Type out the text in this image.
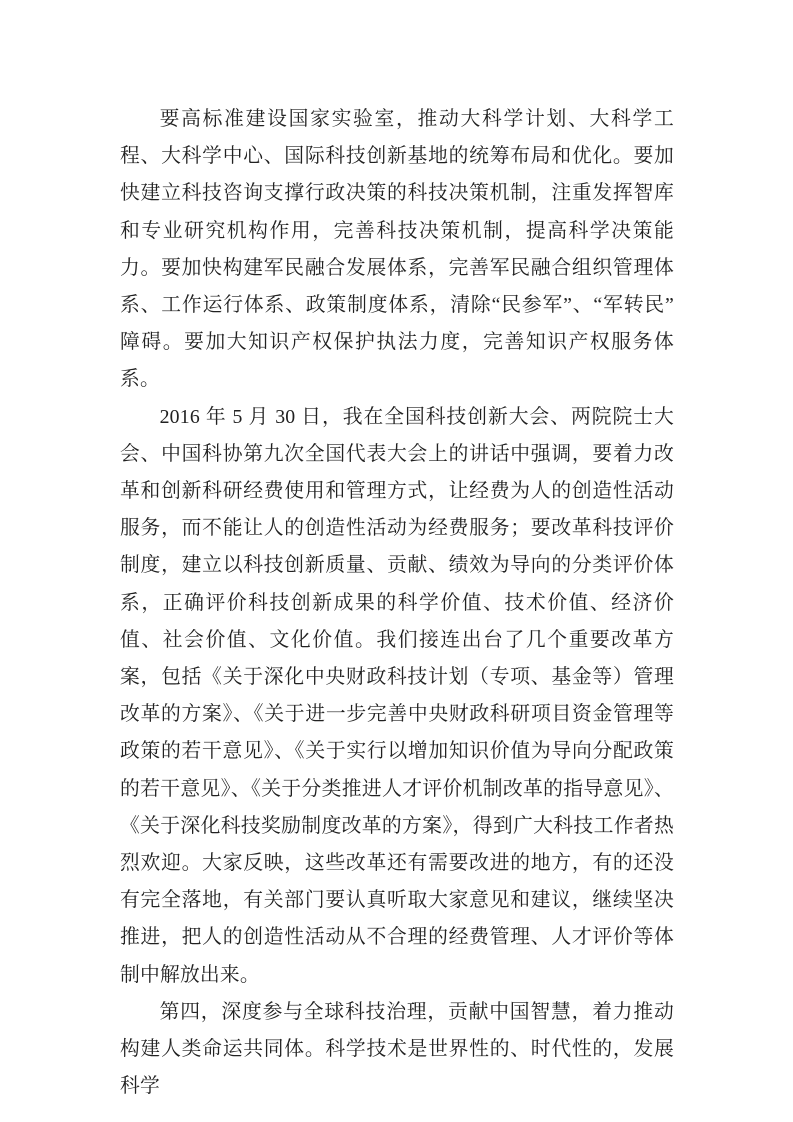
要高标准建设国家实验室，推动大科学计划、大科学工程、大科学中心、国际科技创新基地的统筹布局和优化。要加快建立科技咨询支撑行政决策的科技决策机制，注重发挥智库和专业研究机构作用，完善科技决策机制，提高科学决策能力。要加快构建军民融合发展体系，完善军民融合组织管理体系、工作运行体系、政策制度体系，清除“民参军”、“军转民”障碍。要加大知识产权保护执法力度，完善知识产权服务体系。

2016 年 5 月 30 日，我在全国科技创新大会、两院院士大会、中国科协第九次全国代表大会上的讲话中强调，要着力改革和创新科研经费使用和管理方式，让经费为人的创造性活动服务，而不能让人的创造性活动为经费服务；要改革科技评价制度，建立以科技创新质量、贡献、绩效为导向的分类评价体系，正确评价科技创新成果的科学价值、技术价值、经济价值、社会价值、文化价值。我们接连出台了几个重要改革方案，包括《关于深化中央财政科技计划（专项、基金等）管理改革的方案》、《关于进一步完善中央财政科研项目资金管理等政策的若干意见》、《关于实行以增加知识价值为导向分配政策的若干意见》、《关于分类推进人才评价机制改革的指导意见》、《关于深化科技奖励制度改革的方案》，得到广大科技工作者热烈欢迎。大家反映，这些改革还有需要改进的地方，有的还没有完全落地，有关部门要认真听取大家意见和建议，继续坚决推进，把人的创造性活动从不合理的经费管理、人才评价等体制中解放出来。

第四，深度参与全球科技治理，贡献中国智慧，着力推动构建人类命运共同体。科学技术是世界性的、时代性的，发展科学
